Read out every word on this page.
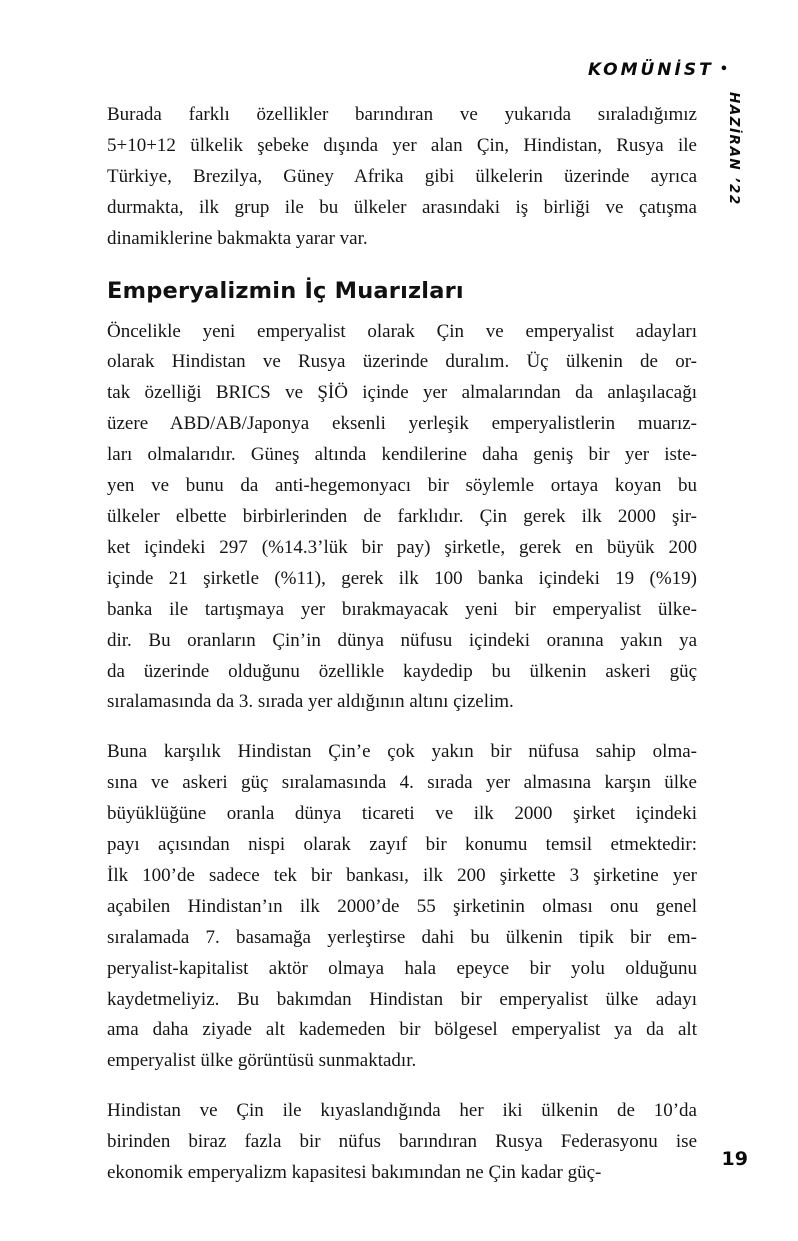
KOMÜNİST •
HAZİRAN ’22
Burada farklı özellikler barındıran ve yukarıda sıraladığımız
5+10+12 ülkelik şebeke dışında yer alan Çin, Hindistan, Rusya ile
Türkiye, Brezilya, Güney Afrika gibi ülkelerin üzerinde ayrıca
durmakta, ilk grup ile bu ülkeler arasındaki iş birliği ve çatışma
dinamiklerine bakmakta yarar var.
Emperyalizmin İç Muarızları
Öncelikle yeni emperyalist olarak Çin ve emperyalist adayları
olarak Hindistan ve Rusya üzerinde duralım. Üç ülkenin de or-
tak özelliği BRICS ve ŞİÖ içinde yer almalarından da anlaşılacağı
üzere ABD/AB/Japonya eksenli yerleşik emperyalistlerin muarız-
ları olmalarıdır. Güneş altında kendilerine daha geniş bir yer iste-
yen ve bunu da anti-hegemonyacı bir söylemle ortaya koyan bu
ülkeler elbette birbirlerinden de farklıdır. Çin gerek ilk 2000 şir-
ket içindeki 297 (%14.3’lük bir pay) şirketle, gerek en büyük 200
içinde 21 şirketle (%11), gerek ilk 100 banka içindeki 19 (%19)
banka ile tartışmaya yer bırakmayacak yeni bir emperyalist ülke-
dir. Bu oranların Çin’in dünya nüfusu içindeki oranına yakın ya
da üzerinde olduğunu özellikle kaydedip bu ülkenin askeri güç
sıralamasında da 3. sırada yer aldığının altını çizelim.
Buna karşılık Hindistan Çin’e çok yakın bir nüfusa sahip olma-
sına ve askeri güç sıralamasında 4. sırada yer almasına karşın ülke
büyüklüğüne oranla dünya ticareti ve ilk 2000 şirket içindeki
payı açısından nispi olarak zayıf bir konumu temsil etmektedir:
İlk 100’de sadece tek bir bankası, ilk 200 şirkette 3 şirketine yer
açabilen Hindistan’ın ilk 2000’de 55 şirketinin olması onu genel
sıralamada 7. basamağa yerleştirse dahi bu ülkenin tipik bir em-
peryalist-kapitalist aktör olmaya hala epeyce bir yolu olduğunu
kaydetmeliyiz. Bu bakımdan Hindistan bir emperyalist ülke adayı
ama daha ziyade alt kademeden bir bölgesel emperyalist ya da alt
emperyalist ülke görüntüsü sunmaktadır.
Hindistan ve Çin ile kıyaslandığında her iki ülkenin de 10’da
birinden biraz fazla bir nüfus barındıran Rusya Federasyonu ise
ekonomik emperyalizm kapasitesi bakımından ne Çin kadar güç-
19
